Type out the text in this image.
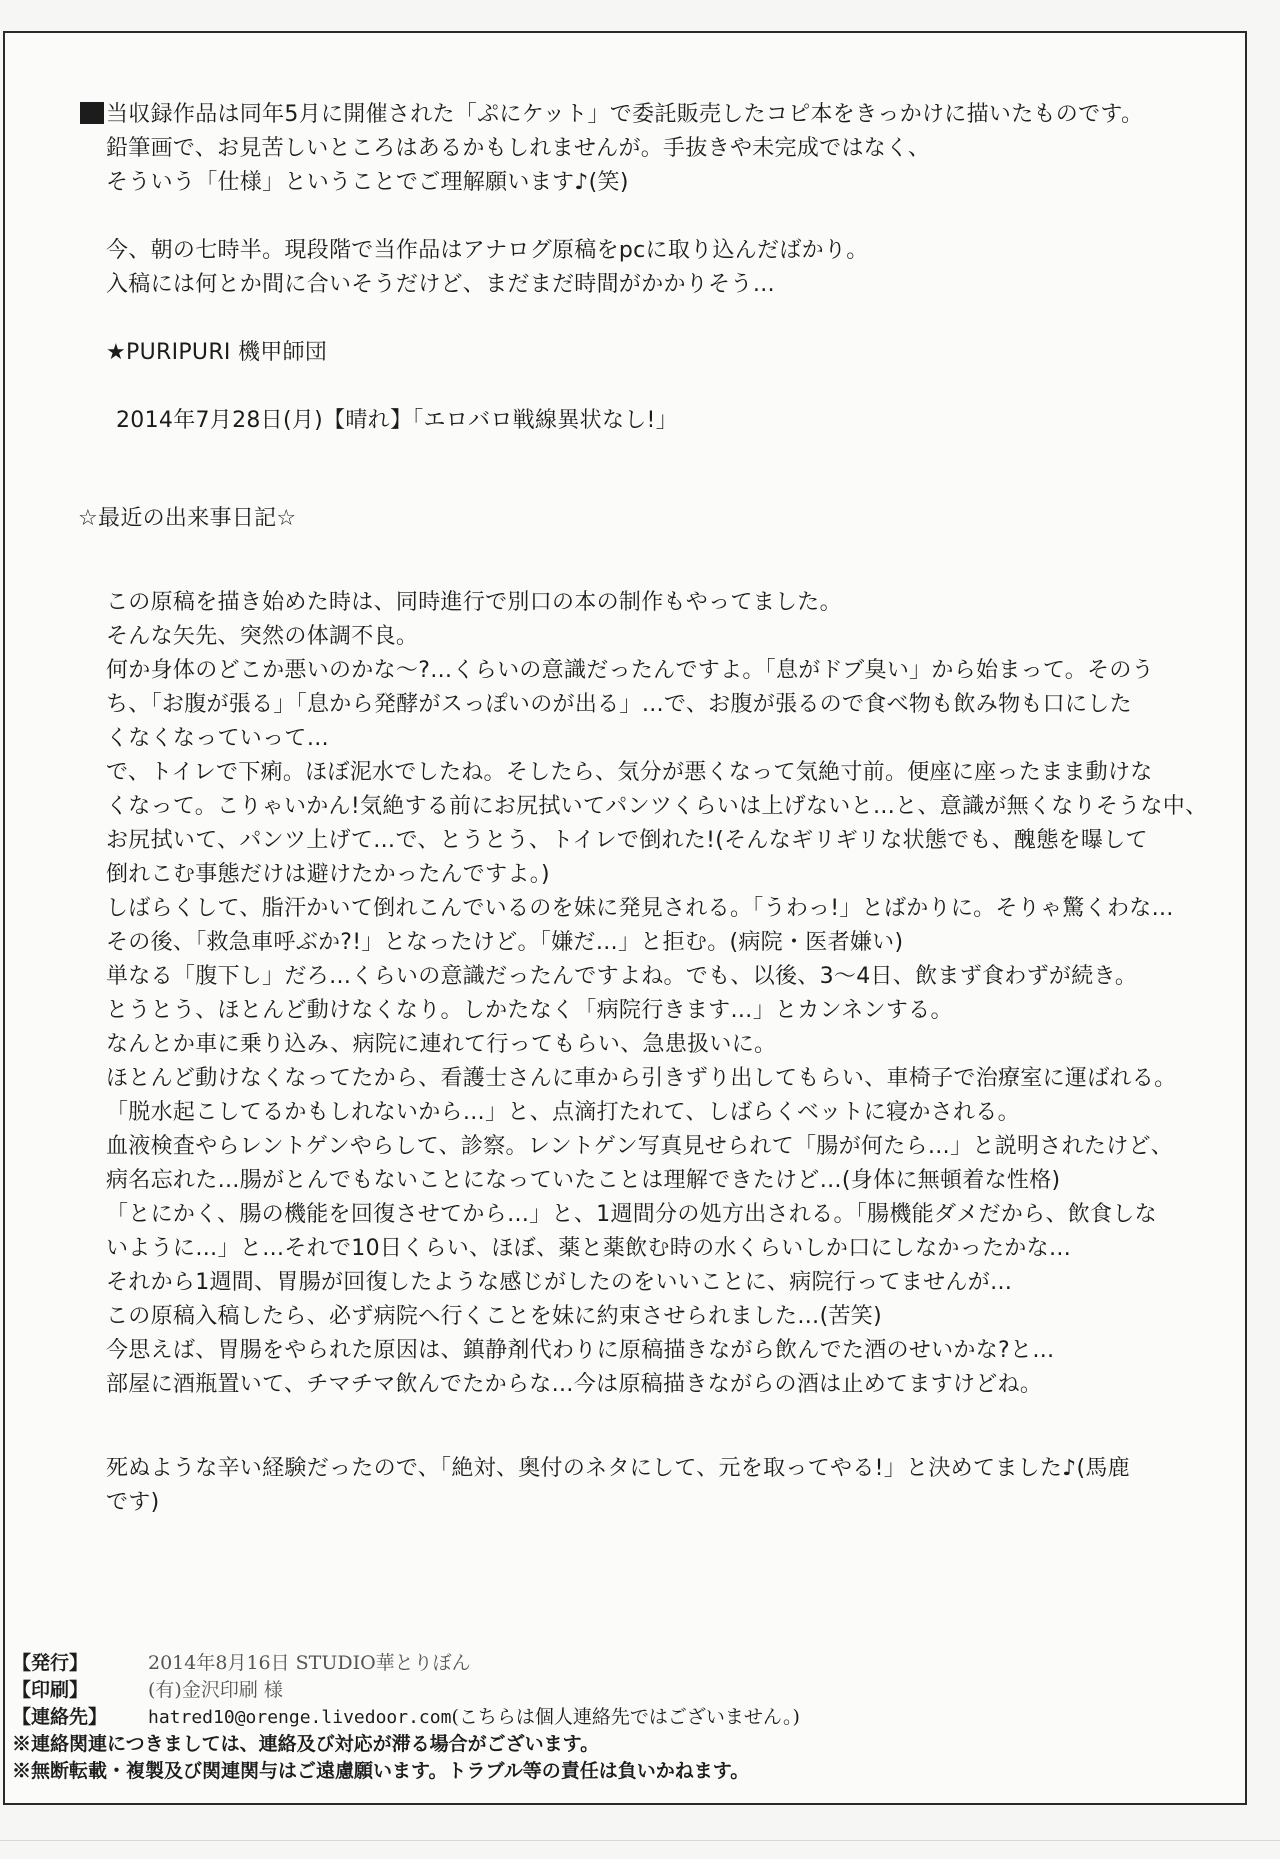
当収録作品は同年5月に開催された「ぷにケット」で委託販売したコピ本をきっかけに描いたものです。

鉛筆画で、お見苦しいところはあるかもしれませんが。手抜きや未完成ではなく、

そういう「仕様」ということでご理解願います♪(笑)

今、朝の七時半。現段階で当作品はアナログ原稿をpcに取り込んだばかり。

入稿には何とか間に合いそうだけど、まだまだ時間がかかりそう…

★PURIPURI 機甲師団

2014年7月28日(月)【晴れ】「エロバロ戦線異状なし!」

☆最近の出来事日記☆

この原稿を描き始めた時は、同時進行で別口の本の制作もやってました。

そんな矢先、突然の体調不良。

何か身体のどこか悪いのかな〜?…くらいの意識だったんですよ。「息がドブ臭い」から始まって。そのう

ち、「お腹が張る」「息から発酵がスっぽいのが出る」…で、お腹が張るので食べ物も飲み物も口にした

くなくなっていって…

で、トイレで下痢。ほぼ泥水でしたね。そしたら、気分が悪くなって気絶寸前。便座に座ったまま動けな

くなって。こりゃいかん!気絶する前にお尻拭いてパンツくらいは上げないと…と、意識が無くなりそうな中、

お尻拭いて、パンツ上げて…で、とうとう、トイレで倒れた!(そんなギリギリな状態でも、醜態を曝して

倒れこむ事態だけは避けたかったんですよ。)

しばらくして、脂汗かいて倒れこんでいるのを妹に発見される。「うわっ!」とばかりに。そりゃ驚くわな…

その後、「救急車呼ぶか?!」となったけど。「嫌だ…」と拒む。(病院・医者嫌い)

単なる「腹下し」だろ…くらいの意識だったんですよね。でも、以後、3〜4日、飲まず食わずが続き。

とうとう、ほとんど動けなくなり。しかたなく「病院行きます…」とカンネンする。

なんとか車に乗り込み、病院に連れて行ってもらい、急患扱いに。

ほとんど動けなくなってたから、看護士さんに車から引きずり出してもらい、車椅子で治療室に運ばれる。

「脱水起こしてるかもしれないから…」と、点滴打たれて、しばらくベットに寝かされる。

血液検査やらレントゲンやらして、診察。レントゲン写真見せられて「腸が何たら…」と説明されたけど、

病名忘れた…腸がとんでもないことになっていたことは理解できたけど…(身体に無頓着な性格)

「とにかく、腸の機能を回復させてから…」と、1週間分の処方出される。「腸機能ダメだから、飲食しな

いように…」と…それで10日くらい、ほぼ、薬と薬飲む時の水くらいしか口にしなかったかな…

それから1週間、胃腸が回復したような感じがしたのをいいことに、病院行ってませんが…

この原稿入稿したら、必ず病院へ行くことを妹に約束させられました…(苦笑)

今思えば、胃腸をやられた原因は、鎮静剤代わりに原稿描きながら飲んでた酒のせいかな?と…

部屋に酒瓶置いて、チマチマ飲んでたからな…今は原稿描きながらの酒は止めてますけどね。

死ぬような辛い経験だったので、「絶対、奥付のネタにして、元を取ってやる!」と決めてました♪(馬鹿

です)

【発行】	2014年8月16日 STUDIO華とりぼん
【印刷】	(有)金沢印刷 様
【連絡先】 hatred10@orenge.livedoor.com(こちらは個人連絡先ではございません。)
※連絡関連につきましては、連絡及び対応が滞る場合がございます。
※無断転載・複製及び関連関与はご遠慮願います。トラブル等の責任は負いかねます。
